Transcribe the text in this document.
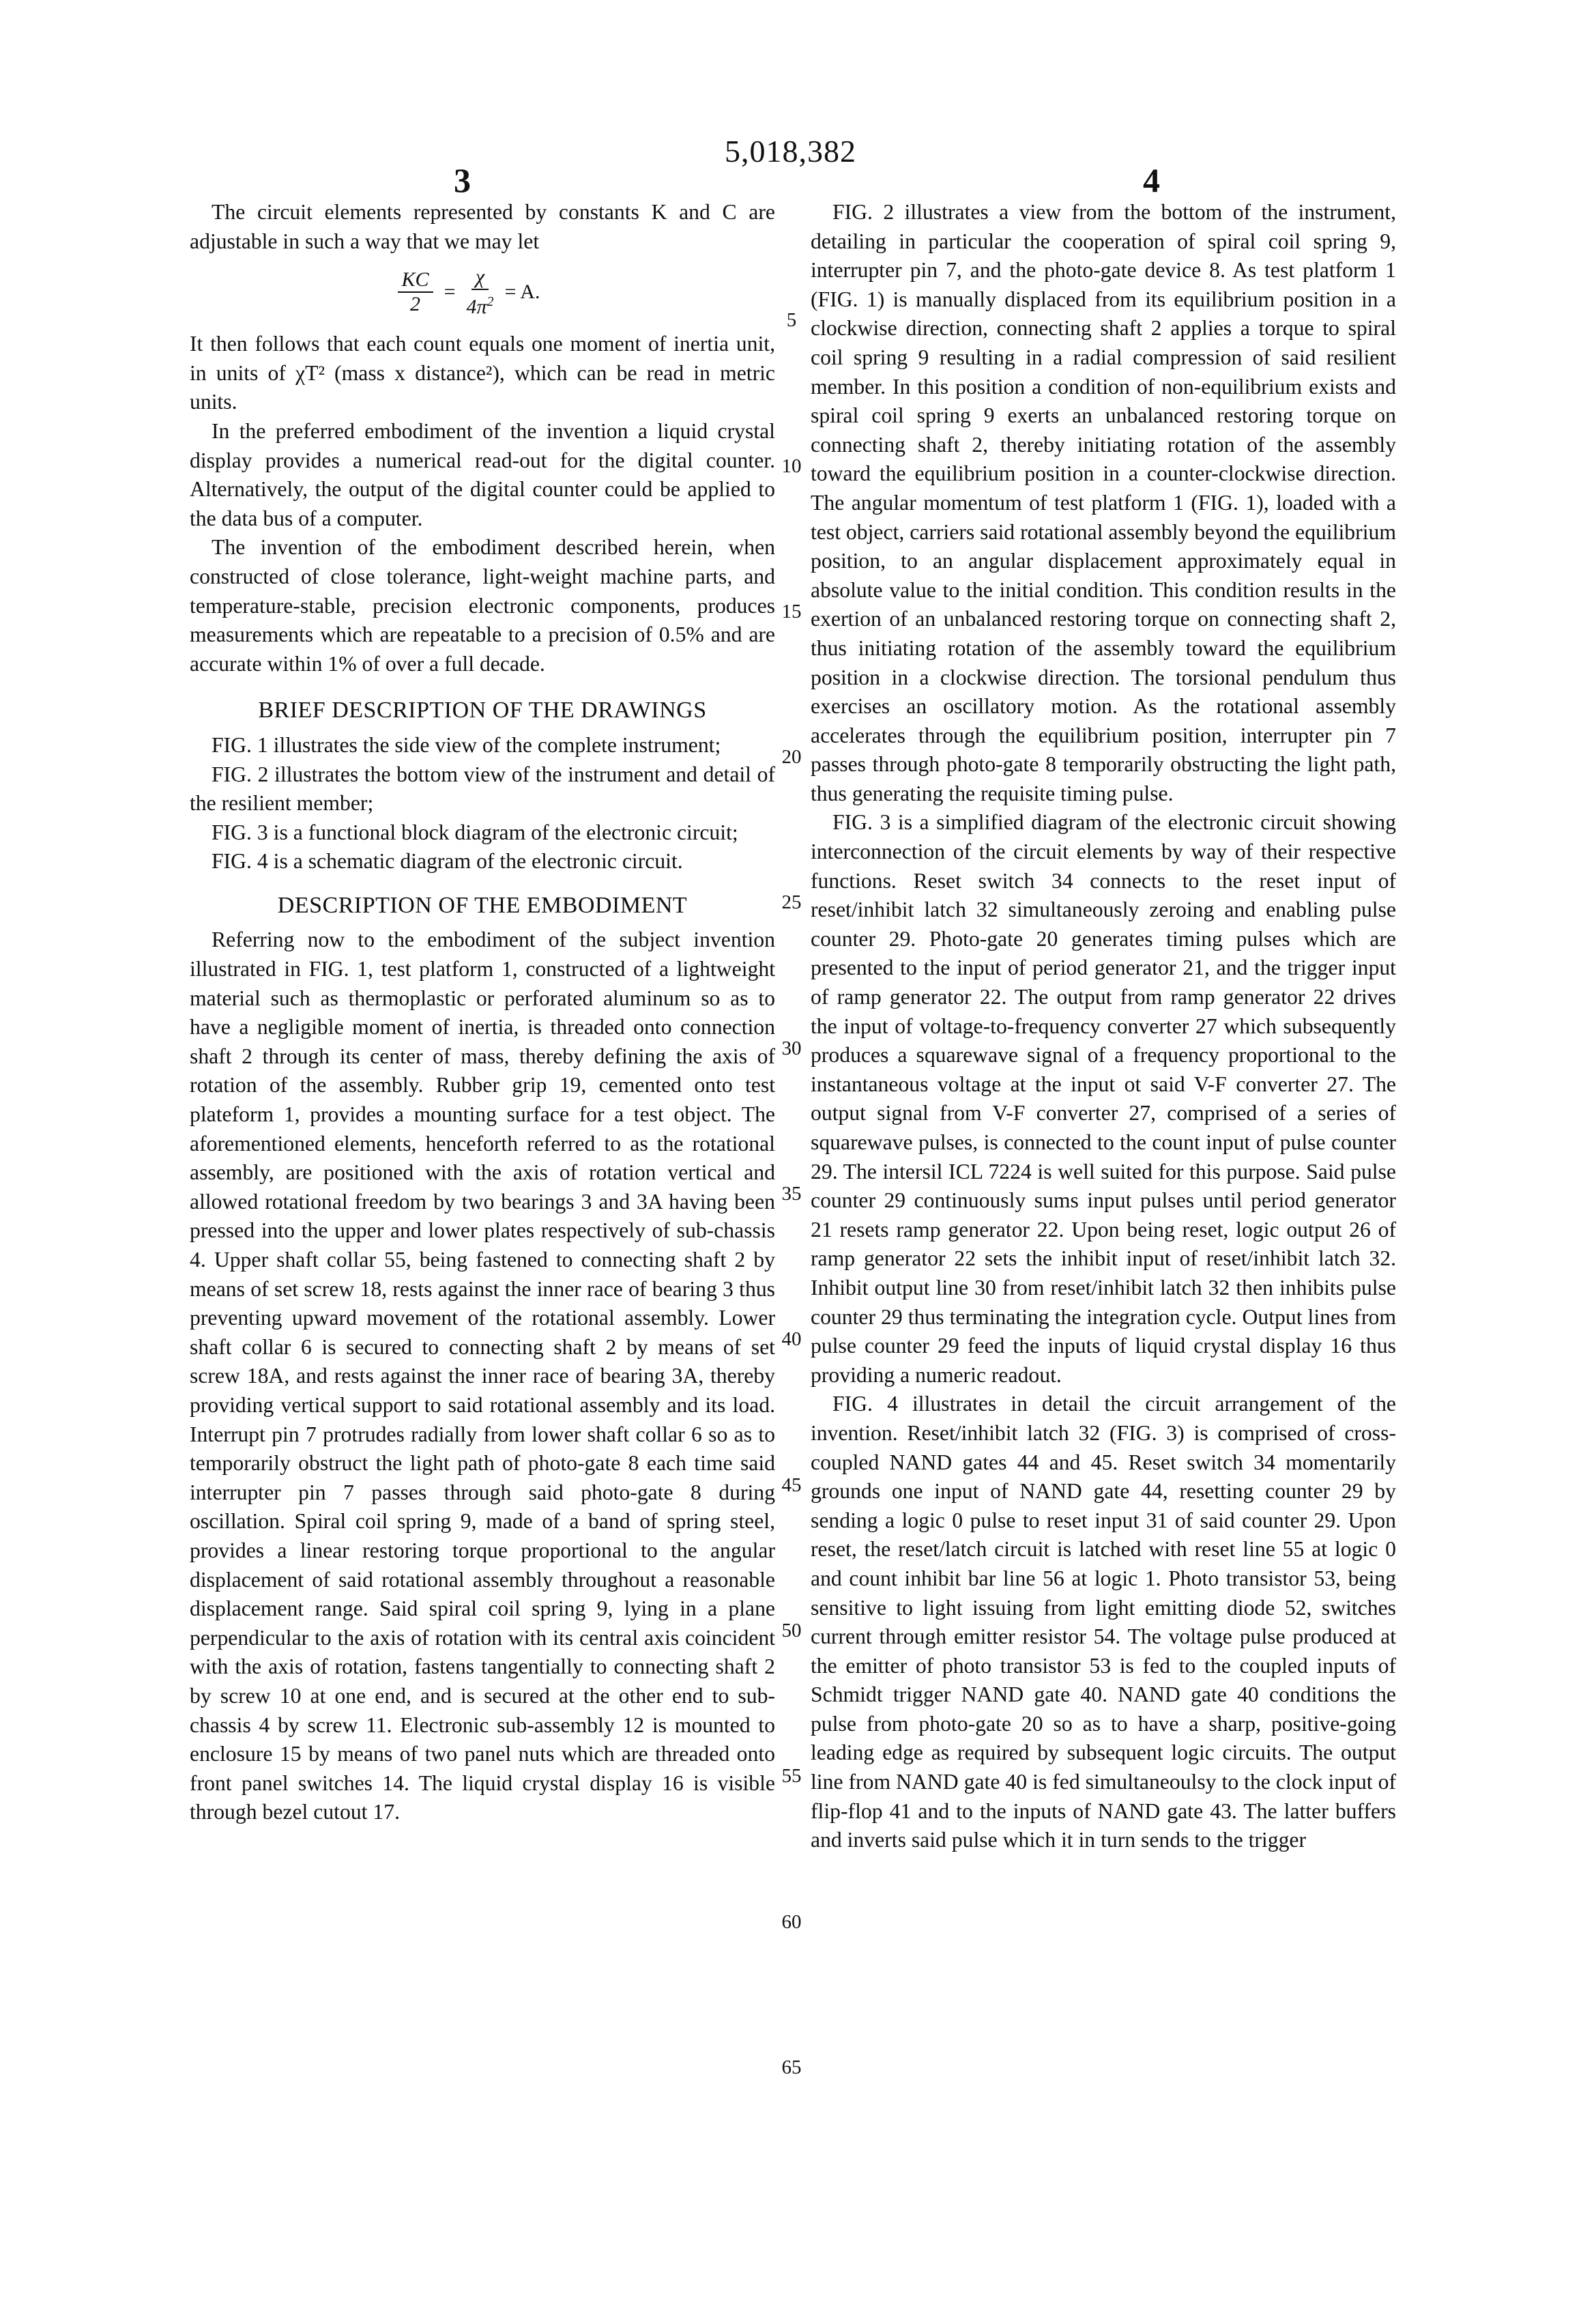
5,018,382
3	4

The circuit elements represented by constants K and C are adjustable in such a way that we may let

$\frac{KC}{2} = \frac{\chi}{4\pi^2} = A$.

It then follows that each count equals one moment of inertia unit, in units of χT² (mass x distance²), which can be read in metric units.

In the preferred embodiment of the invention a liquid crystal display provides a numerical read-out for the digital counter. Alternatively, the output of the digital counter could be applied to the data bus of a computer.

The invention of the embodiment described herein, when constructed of close tolerance, light-weight machine parts, and temperature-stable, precision electronic components, produces measurements which are repeatable to a precision of 0.5% and are accurate within 1% of over a full decade.

BRIEF DESCRIPTION OF THE DRAWINGS

FIG. 1 illustrates the side view of the complete instrument;

FIG. 2 illustrates the bottom view of the instrument and detail of the resilient member;

FIG. 3 is a functional block diagram of the electronic circuit;

FIG. 4 is a schematic diagram of the electronic circuit.

DESCRIPTION OF THE EMBODIMENT

Referring now to the embodiment of the subject invention illustrated in FIG. 1, test platform 1, constructed of a lightweight material such as thermoplastic or perforated aluminum so as to have a negligible moment of inertia, is threaded onto connection shaft 2 through its center of mass, thereby defining the axis of rotation of the assembly. Rubber grip 19, cemented onto test plateform 1, provides a mounting surface for a test object. The aforementioned elements, henceforth referred to as the rotational assembly, are positioned with the axis of rotation vertical and allowed rotational freedom by two bearings 3 and 3A having been pressed into the upper and lower plates respectively of sub-chassis 4. Upper shaft collar 55, being fastened to connecting shaft 2 by means of set screw 18, rests against the inner race of bearing 3 thus preventing upward movement of the rotational assembly. Lower shaft collar 6 is secured to connecting shaft 2 by means of set screw 18A, and rests against the inner race of bearing 3A, thereby providing vertical support to said rotational assembly and its load. Interrupt pin 7 protrudes radially from lower shaft collar 6 so as to temporarily obstruct the light path of photo-gate 8 each time said interrupter pin 7 passes through said photo-gate 8 during oscillation. Spiral coil spring 9, made of a band of spring steel, provides a linear restoring torque proportional to the angular displacement of said rotational assembly throughout a reasonable displacement range. Said spiral coil spring 9, lying in a plane perpendicular to the axis of rotation with its central axis coincident with the axis of rotation, fastens tangentially to connecting shaft 2 by screw 10 at one end, and is secured at the other end to sub-chassis 4 by screw 11. Electronic sub-assembly 12 is mounted to enclosure 15 by means of two panel nuts which are threaded onto front panel switches 14. The liquid crystal display 16 is visible through bezel cutout 17.

5
10
15
20
25
30
35
40
45
50
55
60
65

FIG. 2 illustrates a view from the bottom of the instrument, detailing in particular the cooperation of spiral coil spring 9, interrupter pin 7, and the photo-gate device 8. As test platform 1 (FIG. 1) is manually displaced from its equilibrium position in a clockwise direction, connecting shaft 2 applies a torque to spiral coil spring 9 resulting in a radial compression of said resilient member. In this position a condition of non-equilibrium exists and spiral coil spring 9 exerts an unbalanced restoring torque on connecting shaft 2, thereby initiating rotation of the assembly toward the equilibrium position in a counter-clockwise direction. The angular momentum of test platform 1 (FIG. 1), loaded with a test object, carriers said rotational assembly beyond the equilibrium position, to an angular displacement approximately equal in absolute value to the initial condition. This condition results in the exertion of an unbalanced restoring torque on connecting shaft 2, thus initiating rotation of the assembly toward the equilibrium position in a clockwise direction. The torsional pendulum thus exercises an oscillatory motion. As the rotational assembly accelerates through the equilibrium position, interrupter pin 7 passes through photo-gate 8 temporarily obstructing the light path, thus generating the requisite timing pulse.

FIG. 3 is a simplified diagram of the electronic circuit showing interconnection of the circuit elements by way of their respective functions. Reset switch 34 connects to the reset input of reset/inhibit latch 32 simultaneously zeroing and enabling pulse counter 29. Photo-gate 20 generates timing pulses which are presented to the input of period generator 21, and the trigger input of ramp generator 22. The output from ramp generator 22 drives the input of voltage-to-frequency converter 27 which subsequently produces a squarewave signal of a frequency proportional to the instantaneous voltage at the input ot said V-F converter 27. The output signal from V-F converter 27, comprised of a series of squarewave pulses, is connected to the count input of pulse counter 29. The intersil ICL 7224 is well suited for this purpose. Said pulse counter 29 continuously sums input pulses until period generator 21 resets ramp generator 22. Upon being reset, logic output 26 of ramp generator 22 sets the inhibit input of reset/inhibit latch 32. Inhibit output line 30 from reset/inhibit latch 32 then inhibits pulse counter 29 thus terminating the integration cycle. Output lines from pulse counter 29 feed the inputs of liquid crystal display 16 thus providing a numeric readout.

FIG. 4 illustrates in detail the circuit arrangement of the invention. Reset/inhibit latch 32 (FIG. 3) is comprised of cross-coupled NAND gates 44 and 45. Reset switch 34 momentarily grounds one input of NAND gate 44, resetting counter 29 by sending a logic 0 pulse to reset input 31 of said counter 29. Upon reset, the reset/latch circuit is latched with reset line 55 at logic 0 and count inhibit bar line 56 at logic 1. Photo transistor 53, being sensitive to light issuing from light emitting diode 52, switches current through emitter resistor 54. The voltage pulse produced at the emitter of photo transistor 53 is fed to the coupled inputs of Schmidt trigger NAND gate 40. NAND gate 40 conditions the pulse from photo-gate 20 so as to have a sharp, positive-going leading edge as required by subsequent logic circuits. The output line from NAND gate 40 is fed simultaneoulsy to the clock input of flip-flop 41 and to the inputs of NAND gate 43. The latter buffers and inverts said pulse which it in turn sends to the trigger
